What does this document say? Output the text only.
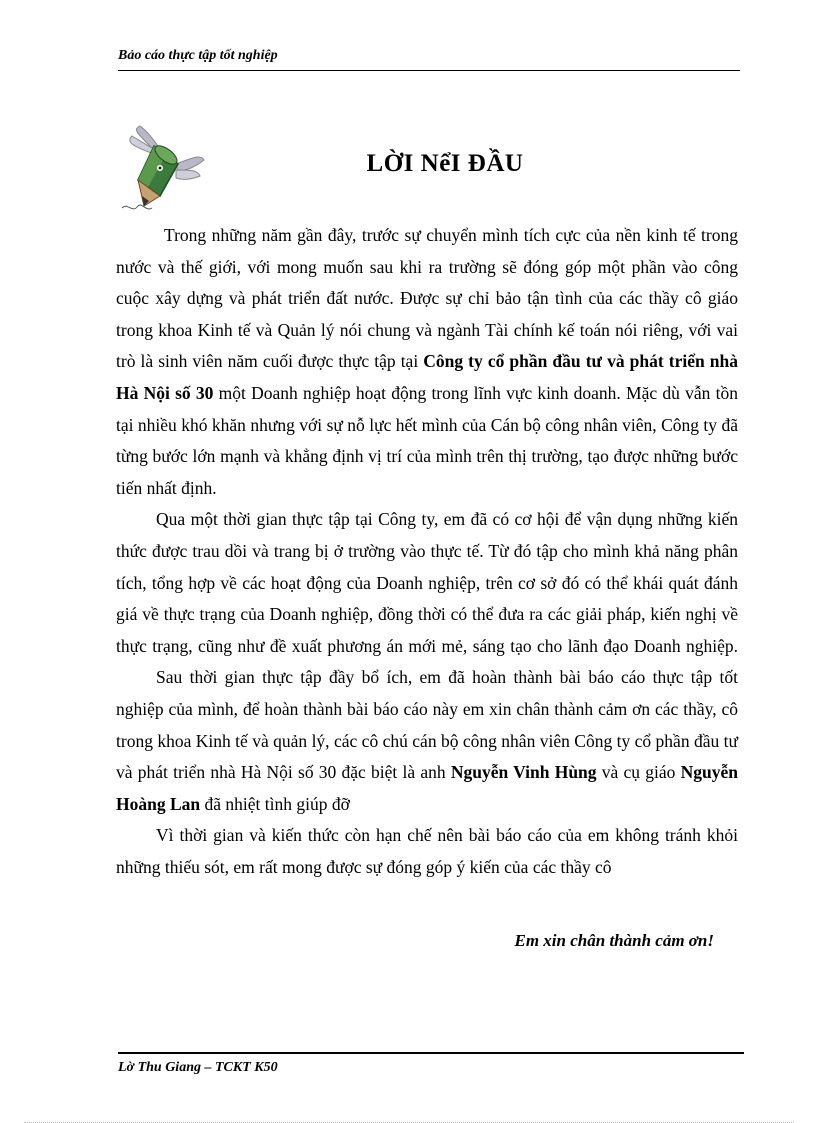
Bảo cáo thực tập tốt nghiệp
LỜI NểI ĐẦU

Trong những năm gần đây, trước sự chuyển mình tích cực của nền kinh tế trong nước và thế giới, với mong muốn sau khi ra trường sẽ đóng góp một phần vào công cuộc xây dựng và phát triển đất nước. Được sự chỉ bảo tận tình của các thầy cô giáo trong khoa Kinh tế và Quản lý nói chung và ngành Tài chính kế toán nói riêng, với vai trò là sinh viên năm cuối được thực tập tại Công ty cổ phần đầu tư và phát triển nhà Hà Nội số 30 một Doanh nghiệp hoạt động trong lĩnh vực kinh doanh. Mặc dù vẫn tồn tại nhiều khó khăn nhưng với sự nỗ lực hết mình của Cán bộ công nhân viên, Công ty đã từng bước lớn mạnh và khẳng định vị trí của mình trên thị trường, tạo được những bước tiến nhất định.

Qua một thời gian thực tập tại Công ty, em đã có cơ hội để vận dụng những kiến thức được trau dồi và trang bị ở trường vào thực tế. Từ đó tập cho mình khả năng phân tích, tổng hợp về các hoạt động của Doanh nghiệp, trên cơ sở đó có thể khái quát đánh giá về thực trạng của Doanh nghiệp, đồng thời có thể đưa ra các giải pháp, kiến nghị về thực trạng, cũng như đề xuất phương án mới mẻ, sáng tạo cho lãnh đạo Doanh nghiệp.

Sau thời gian thực tập đầy bổ ích, em đã hoàn thành bài báo cáo thực tập tốt nghiệp của mình, để hoàn thành bài báo cáo này em xin chân thành cảm ơn các thầy, cô trong khoa Kinh tế và quản lý, các cô chú cán bộ công nhân viên Công ty cổ phần đầu tư và phát triển nhà Hà Nội số 30 đặc biệt là anh Nguyễn Vinh Hùng và cụ giáo Nguyễn Hoàng Lan đã nhiệt tình giúp đỡ

Vì thời gian và kiến thức còn hạn chế nên bài báo cáo của em không tránh khỏi những thiếu sót, em rất mong được sự đóng góp ý kiến của các thầy cô

Em xin chân thành cảm ơn!
Lờ Thu Giang – TCKT K50
